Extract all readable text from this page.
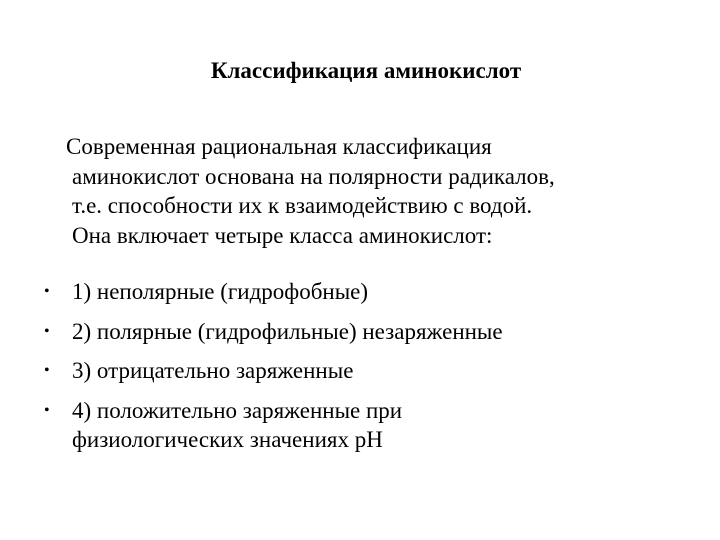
Классификация аминокислот
Современная рациональная классификация
аминокислот основана на полярности радикалов,
т.е. способности их к взаимодействию с водой.
Она включает четыре класса аминокислот:
• 1) неполярные (гидрофобные)
• 2) полярные (гидрофильные) незаряженные
• 3) отрицательно заряженные
• 4) положительно заряженные при
физиологических значениях pH
